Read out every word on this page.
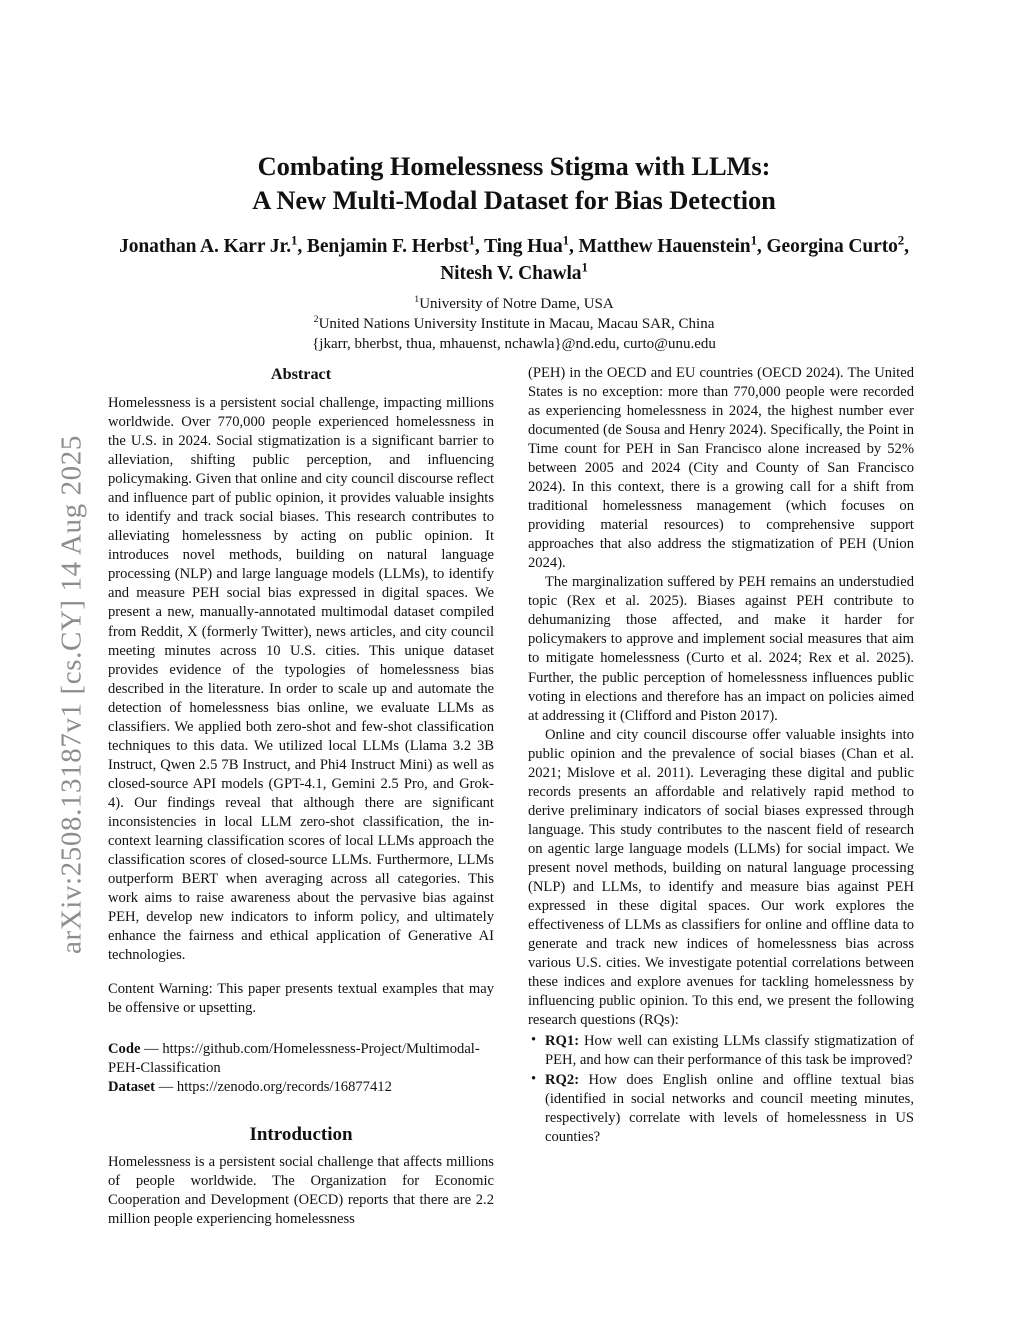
arXiv:2508.13187v1 [cs.CY] 14 Aug 2025
Combating Homelessness Stigma with LLMs:
A New Multi-Modal Dataset for Bias Detection
Jonathan A. Karr Jr.$^1$, Benjamin F. Herbst$^1$, Ting Hua$^1$, Matthew Hauenstein$^1$, Georgina Curto$^2$,
Nitesh V. Chawla$^1$
$^1$University of Notre Dame, USA
$^2$United Nations University Institute in Macau, Macau SAR, China
{jkarr, bherbst, thua, mhauenst, nchawla}@nd.edu, curto@unu.edu
Abstract

Homelessness is a persistent social challenge, impacting millions worldwide. Over 770,000 people experienced homelessness in the U.S. in 2024. Social stigmatization is a significant barrier to alleviation, shifting public perception, and influencing policymaking. Given that online and city council discourse reflect and influence part of public opinion, it provides valuable insights to identify and track social biases. This research contributes to alleviating homelessness by acting on public opinion. It introduces novel methods, building on natural language processing (NLP) and large language models (LLMs), to identify and measure PEH social bias expressed in digital spaces. We present a new, manually-annotated multimodal dataset compiled from Reddit, X (formerly Twitter), news articles, and city council meeting minutes across 10 U.S. cities. This unique dataset provides evidence of the typologies of homelessness bias described in the literature. In order to scale up and automate the detection of homelessness bias online, we evaluate LLMs as classifiers. We applied both zero-shot and few-shot classification techniques to this data. We utilized local LLMs (Llama 3.2 3B Instruct, Qwen 2.5 7B Instruct, and Phi4 Instruct Mini) as well as closed-source API models (GPT-4.1, Gemini 2.5 Pro, and Grok-4). Our findings reveal that although there are significant inconsistencies in local LLM zero-shot classification, the in-context learning classification scores of local LLMs approach the classification scores of closed-source LLMs. Furthermore, LLMs outperform BERT when averaging across all categories. This work aims to raise awareness about the pervasive bias against PEH, develop new indicators to inform policy, and ultimately enhance the fairness and ethical application of Generative AI technologies.

Content Warning: This paper presents textual examples that may be offensive or upsetting.

Code — https://github.com/Homelessness-Project/Multimodal-PEH-Classification

Dataset — https://zenodo.org/records/16877412

Introduction

Homelessness is a persistent social challenge that affects millions of people worldwide. The Organization for Economic Cooperation and Development (OECD) reports that there are 2.2 million people experiencing homelessness

(PEH) in the OECD and EU countries (OECD 2024). The United States is no exception: more than 770,000 people were recorded as experiencing homelessness in 2024, the highest number ever documented (de Sousa and Henry 2024). Specifically, the Point in Time count for PEH in San Francisco alone increased by 52% between 2005 and 2024 (City and County of San Francisco 2024). In this context, there is a growing call for a shift from traditional homelessness management (which focuses on providing material resources) to comprehensive support approaches that also address the stigmatization of PEH (Union 2024).

The marginalization suffered by PEH remains an understudied topic (Rex et al. 2025). Biases against PEH contribute to dehumanizing those affected, and make it harder for policymakers to approve and implement social measures that aim to mitigate homelessness (Curto et al. 2024; Rex et al. 2025). Further, the public perception of homelessness influences public voting in elections and therefore has an impact on policies aimed at addressing it (Clifford and Piston 2017).

Online and city council discourse offer valuable insights into public opinion and the prevalence of social biases (Chan et al. 2021; Mislove et al. 2011). Leveraging these digital and public records presents an affordable and relatively rapid method to derive preliminary indicators of social biases expressed through language. This study contributes to the nascent field of research on agentic large language models (LLMs) for social impact. We present novel methods, building on natural language processing (NLP) and LLMs, to identify and measure bias against PEH expressed in these digital spaces. Our work explores the effectiveness of LLMs as classifiers for online and offline data to generate and track new indices of homelessness bias across various U.S. cities. We investigate potential correlations between these indices and explore avenues for tackling homelessness by influencing public opinion. To this end, we present the following research questions (RQs):

• RQ1: How well can existing LLMs classify stigmatization of PEH, and how can their performance of this task be improved?
• RQ2: How does English online and offline textual bias (identified in social networks and council meeting minutes, respectively) correlate with levels of homelessness in US counties?
